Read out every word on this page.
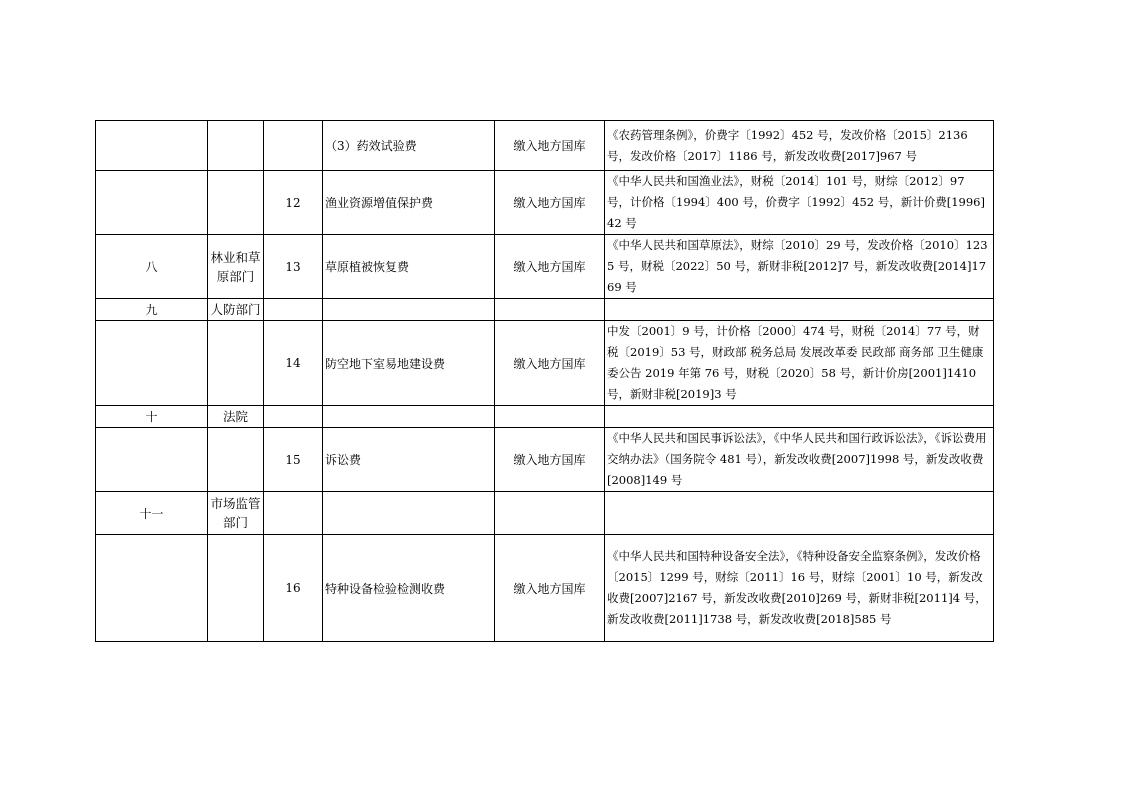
			（3）药效试验费	缴入地方国库	《农药管理条例》，价费字〔1992〕452 号，发改价格〔2015〕2136 号，发改价格〔2017〕1186 号，新发改收费[2017]967 号
		12	渔业资源增值保护费	缴入地方国库	《中华人民共和国渔业法》，财税〔2014〕101 号，财综〔2012〕97 号，计价格〔1994〕400 号，价费字〔1992〕452 号，新计价费[1996]42 号
八	林业和草原部门	13	草原植被恢复费	缴入地方国库	《中华人民共和国草原法》，财综〔2010〕29 号，发改价格〔2010〕1235 号，财税〔2022〕50 号，新财非税[2012]7 号，新发改收费[2014]1769 号
九	人防部门				
		14	防空地下室易地建设费	缴入地方国库	中发〔2001〕9 号，计价格〔2000〕474 号，财税〔2014〕77 号，财税〔2019〕53 号，财政部 税务总局 发展改革委 民政部 商务部 卫生健康委公告 2019 年第 76 号，财税〔2020〕58 号，新计价房[2001]1410 号，新财非税[2019]3 号
十	法院				
		15	诉讼费	缴入地方国库	《中华人民共和国民事诉讼法》，《中华人民共和国行政诉讼法》，《诉讼费用交纳办法》（国务院令 481 号），新发改收费[2007]1998 号，新发改收费[2008]149 号
十一	市场监管部门				
		16	特种设备检验检测收费	缴入地方国库	《中华人民共和国特种设备安全法》，《特种设备安全监察条例》，发改价格〔2015〕1299 号，财综〔2011〕16 号，财综〔2001〕10 号，新发改收费[2007]2167 号，新发改收费[2010]269 号，新财非税[2011]4 号，新发改收费[2011]1738 号，新发改收费[2018]585 号
